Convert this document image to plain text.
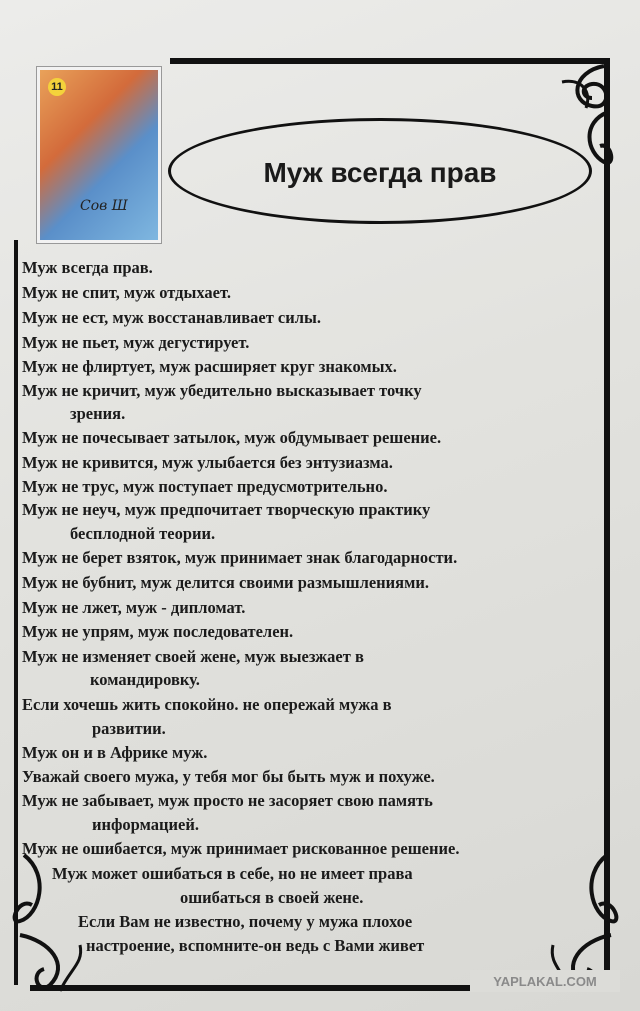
11
Сов Ш
Муж всегда прав
Муж всегда прав.
Муж не спит, муж отдыхает.
Муж не ест, муж восстанавливает силы.
Муж не пьет, муж дегустирует.
Муж не флиртует, муж расширяет круг знакомых.
Муж не кричит, муж убедительно высказывает точку
зрения.
Муж не почесывает затылок, муж обдумывает решение.
Муж не кривится, муж улыбается без энтузиазма.
Муж не трус, муж поступает предусмотрительно.
Муж не неуч, муж предпочитает творческую практику
бесплодной теории.
Муж не берет взяток, муж принимает знак благодарности.
Муж не бубнит, муж делится своими размышлениями.
Муж не лжет, муж - дипломат.
Муж не упрям, муж последователен.
Муж не изменяет своей жене, муж выезжает в
командировку.
Если хочешь жить спокойно. не опережай мужа в
развитии.
Муж он и в Африке муж.
Уважай своего мужа, у тебя мог бы быть муж и похуже.
Муж не забывает, муж просто не засоряет свою память
информацией.
Муж не ошибается, муж принимает рискованное решение.
Муж может ошибаться в себе, но не имеет права
ошибаться в своей жене.
Если Вам не известно, почему у мужа плохое
настроение, вспомните-он ведь с Вами живет
YAPLAKAL.COM
